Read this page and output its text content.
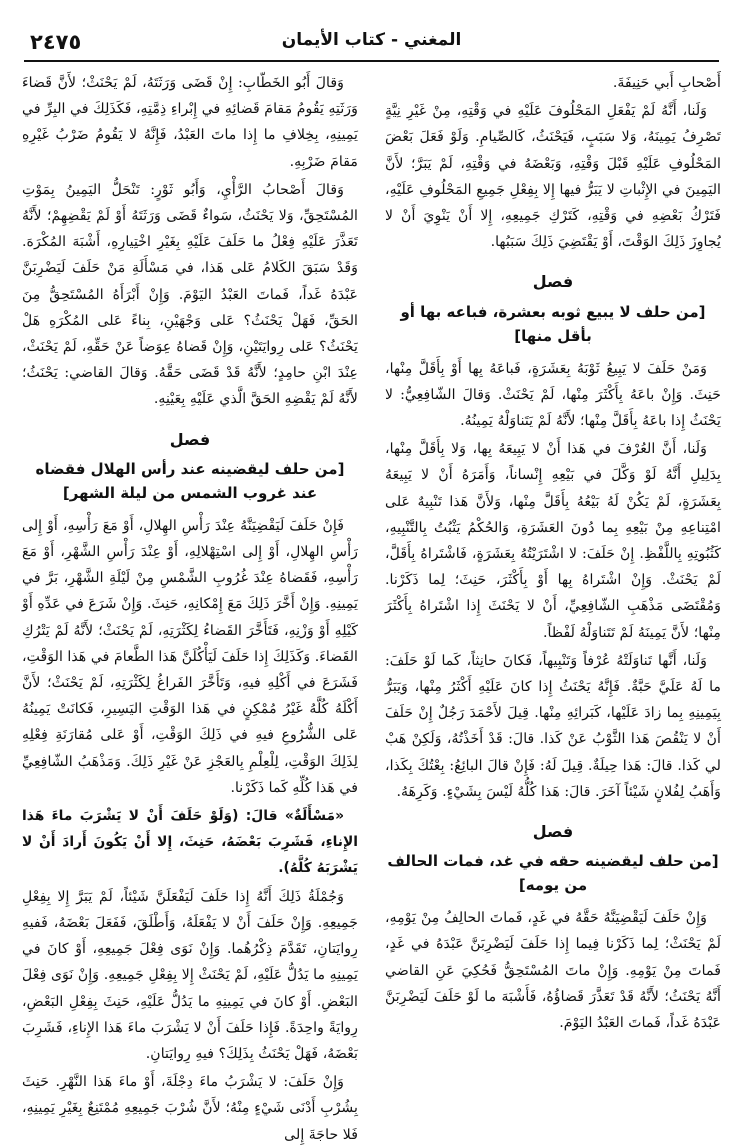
٢٤٧٥	المغني - كتاب الأيمان

أَصْحابِ أَبي حَنِيفَةَ.

وَلَنا، أَنَّهُ لَمْ يَفْعَلِ المَحْلُوفَ عَلَيْهِ في وَقْتِهِ، مِنْ غَيْرِ نِيَّةٍ تَصْرِفُ يَمِينَهُ، وَلا سَبَبٍ، فَيَحْنَثُ، كَالصِّيامِ. وَلَوْ فَعَلَ بَعْضَ المَحْلُوفِ عَلَيْهِ قَبْلَ وَقْتِهِ، وَبَعْضَهُ في وَقْتِهِ، لَمْ يَبَرَّ؛ لأَنَّ اليَمِينَ في الإِثْباتِ لا يَبَرُّ فيها إِلا بِفِعْلِ جَمِيعِ المَحْلُوفِ عَلَيْهِ، فَتَرْكُ بَعْضِهِ في وَقْتِهِ، كَتَرْكِ جَمِيعِهِ، إِلا أَنْ يَنْوِيَ أَنْ لا يُجاوِزَ ذَلِكَ الوَقْتَ، أَوْ يَقْتَضِيَ ذَلِكَ سَبَبُها.

فصل
[من حلف لا يبيع ثوبه بعشرة، فباعه بها أو بأقل منها]

وَمَنْ حَلَفَ لا يَبِيعُ ثَوْبَهُ بِعَشَرَةٍ، فَباعَهُ بِها أَوْ بِأَقَلَّ مِنْها، حَنِثَ. وَإِنْ باعَهُ بِأَكْثَرَ مِنْها، لَمْ يَحْنَثْ. وَقالَ الشّافِعِيُّ: لا يَحْنَثُ إِذا باعَهُ بِأَقَلَّ مِنْها؛ لأَنَّهُ لَمْ يَتَناوَلْهُ يَمِينُهُ.

وَلَنا، أَنَّ العُرْفَ في هَذا أَنْ لا يَبِيعَهُ بِها، وَلا بِأَقَلَّ مِنْها، بِدَلِيلِ أَنَّهُ لَوْ وَكَّلَ في بَيْعِهِ إِنْساناً، وَأَمَرَهُ أَنْ لا يَبِيعَهُ بِعَشَرَةٍ، لَمْ يَكُنْ لَهُ بَيْعُهُ بِأَقَلَّ مِنْها، وَلأَنَّ هَذا تَنْبِيهٌ عَلى امْتِناعِهِ مِنْ بَيْعِهِ بِما دُونَ العَشَرَةِ، وَالحُكْمُ يَثْبُتُ بِالتَّنْبِيهِ، كَثُبُوتِهِ بِاللَّفْظِ. إِنْ حَلَفَ: لا اشْتَرَيْتُهُ بِعَشَرَةٍ، فَاشْتَراهُ بِأَقَلَّ، لَمْ يَحْنَثْ. وَإِنْ اشْتَراهُ بِها أَوْ بِأَكْثَرَ، حَنِثَ؛ لِما ذَكَرْنا. وَمُقْتَضَى مَذْهَبِ الشّافِعِيِّ، أَنْ لا يَحْنَثَ إِذا اشْتَراهُ بِأَكْثَرَ مِنْها؛ لأَنَّ يَمِينَهُ لَمْ تَتَناوَلْهُ لَفْظاً.

وَلَنا، أَنَّها تَناوَلَتْهُ عُرْفاً وَتَنْبِيهاً، فَكانَ حانِثاً، كَما لَوْ حَلَفَ: ما لَهُ عَلَيَّ حَبَّةٌ. فَإِنَّهُ يَحْنَثُ إِذا كانَ عَلَيْهِ أَكْثَرُ مِنْها، وَيَبَرُّ بِيَمِينِهِ بِما زادَ عَلَيْها، كَبَرائِهِ مِنْها. قِيلَ لأَحْمَدَ رَجُلٌ إِنْ حَلَفَ أَنْ لا يَنْقُصَ هَذا الثَّوْبُ عَنْ كَذا. قالَ: قَدْ أَخَذْتُهُ، وَلَكِنْ هَبْ لي كَذا. قالَ: هَذا حِيلَةٌ. قِيلَ لَهُ: فَإِنْ قالَ البائِعُ: بِعْتُكَ بِكَذا، وَأَهَبُ لِفُلانٍ شَيْئاً آخَرَ. قالَ: هَذا كُلُّهُ لَيْسَ بِشَيْءٍ. وَكَرِهَهُ.

فصل
[من حلف ليقضينه حقه في غد، فمات الحالف من يومه]

وَإِنْ حَلَفَ لَيَقْضِيَنَّهُ حَقَّهُ في غَدٍ، فَماتَ الحالِفُ مِنْ يَوْمِهِ، لَمْ يَحْنَثْ؛ لِما ذَكَرْنا فِيما إِذا حَلَفَ لَيَضْرِبَنَّ عَبْدَهُ في غَدٍ، فَماتَ مِنْ يَوْمِهِ. وَإِنْ ماتَ المُسْتَحِقُّ فَحُكِيَ عَنِ القاضي أَنَّهُ يَحْنَثُ؛ لأَنَّهُ قَدْ تَعَذَّرَ قَضاؤُهُ، فَأَشْبَهَ ما لَوْ حَلَفَ لَيَضْرِبَنَّ عَبْدَهُ غَداً، فَماتَ العَبْدُ اليَوْمَ.

وَقالَ أَبُو الخَطّابِ: إِنْ قَضَى وَرَثَتَهُ، لَمْ يَحْنَثْ؛ لأَنَّ قَضاءَ وَرَثَتِهِ يَقُومُ مَقامَ قَضائِهِ في إِبْراءِ ذِمَّتِهِ، فَكَذَلِكَ في البِرِّ في يَمِينِهِ، بِخِلافِ ما إِذا ماتَ العَبْدُ، فَإِنَّهُ لا يَقُومُ ضَرْبُ غَيْرِهِ مَقامَ ضَرْبِهِ.

وَقالَ أَصْحابُ الرَّأْيِ، وَأَبُو ثَوْرٍ: تَنْحَلُّ اليَمِينُ بِمَوْتِ المُسْتَحِقِّ، وَلا يَحْنَثُ، سَواءٌ قَضَى وَرَثَتَهُ أَوْ لَمْ يَقْضِهِمْ؛ لأَنَّهُ تَعَذَّرَ عَلَيْهِ فِعْلُ ما حَلَفَ عَلَيْهِ بِغَيْرِ اخْتِيارِهِ، أَشْبَهَ المُكْرَهَ. وَقَدْ سَبَقَ الكَلامُ عَلى هَذا، في مَسْأَلَةِ مَنْ حَلَفَ لَيَضْرِبَنَّ عَبْدَهُ غَداً، فَماتَ العَبْدُ اليَوْمَ. وَإِنْ أَبْرَأَهُ المُسْتَحِقُّ مِنَ الحَقِّ، فَهَلْ يَحْنَثُ؟ عَلى وَجْهَيْنِ، بِناءً عَلى المُكْرَهِ هَلْ يَحْنَثُ؟ عَلى رِوايَتَيْنِ، وَإِنْ قَضاهُ عِوَضاً عَنْ حَقِّهِ، لَمْ يَحْنَثْ، عِنْدَ ابْنِ حامِدٍ؛ لأَنَّهُ قَدْ قَضَى حَقَّهُ. وَقالَ القاضي: يَحْنَثُ؛ لأَنَّهُ لَمْ يَقْضِهِ الحَقَّ الَّذي عَلَيْهِ بِعَيْنِهِ.

فصل
[من حلف ليقضينه عند رأس الهلال فقضاه عند غروب الشمس من ليلة الشهر]

فَإِنْ حَلَفَ لَيَقْضِيَنَّهُ عِنْدَ رَأْسِ الهِلالِ، أَوْ مَعَ رَأْسِهِ، أَوْ إِلى رَأْسِ الهِلالِ، أَوْ إِلى اسْتِهْلالِهِ، أَوْ عِنْدَ رَأْسِ الشَّهْرِ، أَوْ مَعَ رَأْسِهِ، فَقَضاهُ عِنْدَ غُرُوبِ الشَّمْسِ مِنْ لَيْلَةِ الشَّهْرِ، بَرَّ في يَمِينِهِ. وَإِنْ أَخَّرَ ذَلِكَ مَعَ إِمْكانِهِ، حَنِثَ. وَإِنْ شَرَعَ في عَدِّهِ أَوْ كَيْلِهِ أَوْ وَزْنِهِ، فَتَأَخَّرَ القَضاءُ لِكَثْرَتِهِ، لَمْ يَحْنَثْ؛ لأَنَّهُ لَمْ يَتْرُكِ القَضاءَ. وَكَذَلِكَ إِذا حَلَفَ لَيَأْكُلَنَّ هَذا الطَّعامَ في هَذا الوَقْتِ، فَشَرَعَ في أَكْلِهِ فيهِ، وَتَأَخَّرَ الفَراغُ لِكَثْرَتِهِ، لَمْ يَحْنَثْ؛ لأَنَّ أَكْلَهُ كُلَّهُ غَيْرُ مُمْكِنٍ في هَذا الوَقْتِ اليَسِيرِ، فَكانَتْ يَمِينُهُ عَلى الشُّرُوعِ فيهِ في ذَلِكَ الوَقْتِ، أَوْ عَلى مُقارَنَةِ فِعْلِهِ لِذَلِكَ الوَقْتِ، لِلْعِلْمِ بِالعَجْزِ عَنْ غَيْرِ ذَلِكَ. وَمَذْهَبُ الشّافِعِيِّ في هَذا كُلِّهِ كَما ذَكَرْنا.

«مَسْأَلَةٌ» قالَ: (وَلَوْ حَلَفَ أَنْ لا يَشْرَبَ ماءَ هَذا الإِناءِ، فَشَرِبَ بَعْضَهُ، حَنِثَ، إِلا أَنْ يَكُونَ أَرادَ أَنْ لا يَشْرَبَهُ كُلَّهُ).

وَجُمْلَةُ ذَلِكَ أَنَّهُ إِذا حَلَفَ لَيَفْعَلَنَّ شَيْئاً، لَمْ يَبَرَّ إِلا بِفِعْلِ جَمِيعِهِ. وَإِنْ حَلَفَ أَنْ لا يَفْعَلَهُ، وَأَطْلَقَ، فَفَعَلَ بَعْضَهُ، فَفيهِ رِوايَتانِ، تَقَدَّمَ ذِكْرُهُما. وَإِنْ نَوَى فِعْلَ جَمِيعِهِ، أَوْ كانَ في يَمِينِهِ ما يَدُلُّ عَلَيْهِ، لَمْ يَحْنَثْ إِلا بِفِعْلِ جَمِيعِهِ. وَإِنْ نَوَى فِعْلَ البَعْضِ. أَوْ كانَ في يَمِينِهِ ما يَدُلُّ عَلَيْهِ، حَنِثَ بِفِعْلِ البَعْضِ، رِوايَةً واحِدَةً. فَإِذا حَلَفَ أَنْ لا يَشْرَبَ ماءَ هَذا الإِناءِ، فَشَرِبَ بَعْضَهُ، فَهَلْ يَحْنَثُ بِذَلِكَ؟ فيهِ رِوايَتانِ.

وَإِنْ حَلَفَ: لا يَشْرَبُ ماءَ دِجْلَةَ، أَوْ ماءَ هَذا النَّهْرِ. حَنِثَ بِشُرْبِ أَدْنَى شَيْءٍ مِنْهُ؛ لأَنَّ شُرْبَ جَمِيعِهِ مُمْتَنِعٌ بِغَيْرِ يَمِينِهِ، فَلا حاجَةَ إِلى
